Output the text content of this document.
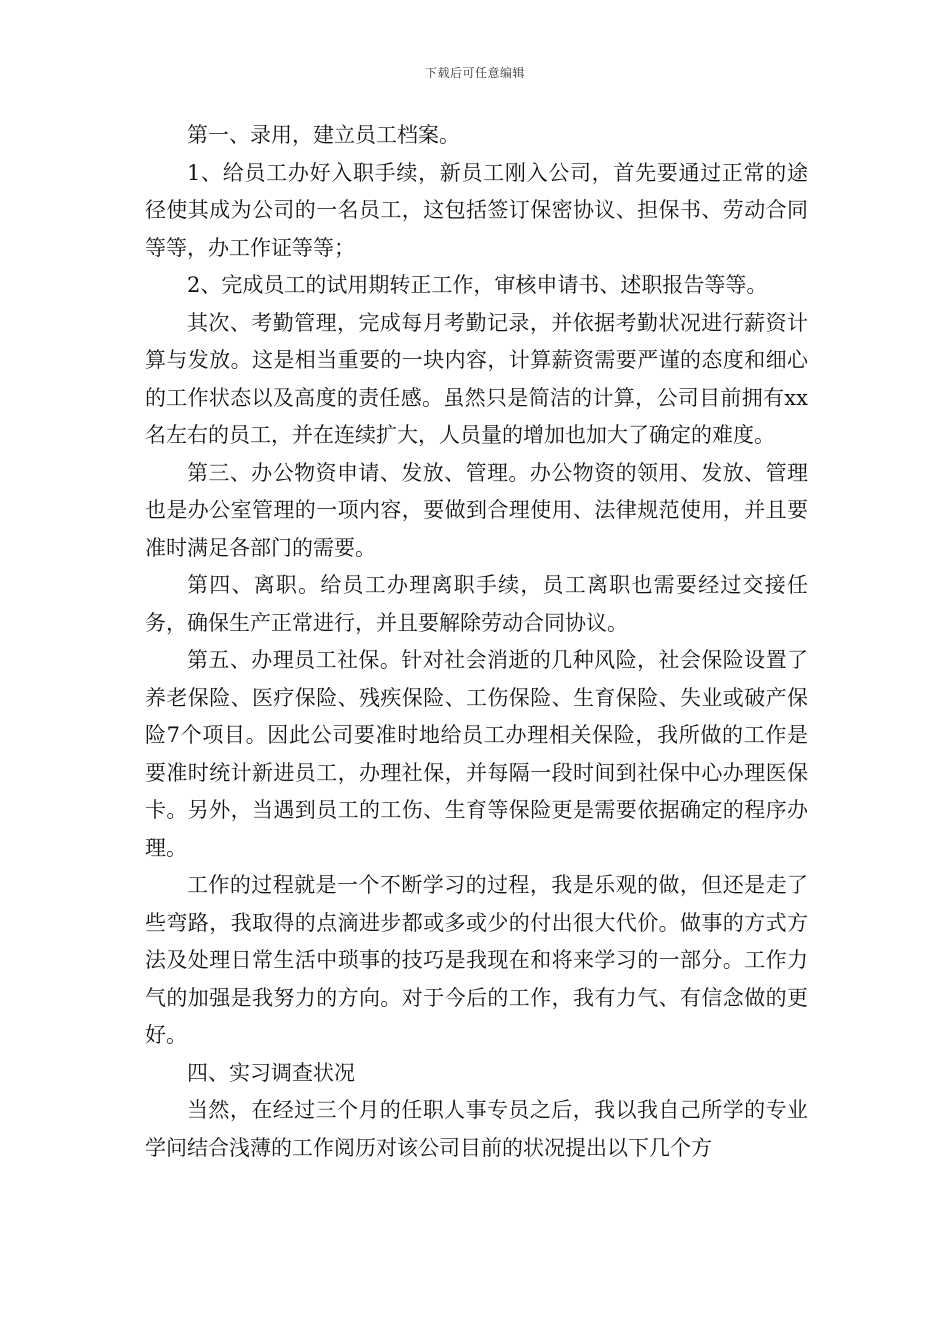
下载后可任意编辑

第一、录用，建立员工档案。

1、给员工办好入职手续，新员工刚入公司，首先要通过正常的途径使其成为公司的一名员工，这包括签订保密协议、担保书、劳动合同等等，办工作证等等；

2、完成员工的试用期转正工作，审核申请书、述职报告等等。

其次、考勤管理，完成每月考勤记录，并依据考勤状况进行薪资计算与发放。这是相当重要的一块内容，计算薪资需要严谨的态度和细心的工作状态以及高度的责任感。虽然只是简洁的计算，公司目前拥有xx名左右的员工，并在连续扩大，人员量的增加也加大了确定的难度。

第三、办公物资申请、发放、管理。办公物资的领用、发放、管理也是办公室管理的一项内容，要做到合理使用、法律规范使用，并且要准时满足各部门的需要。

第四、离职。给员工办理离职手续，员工离职也需要经过交接任务，确保生产正常进行，并且要解除劳动合同协议。

第五、办理员工社保。针对社会消逝的几种风险，社会保险设置了养老保险、医疗保险、残疾保险、工伤保险、生育保险、失业或破产保险7个项目。因此公司要准时地给员工办理相关保险，我所做的工作是要准时统计新进员工，办理社保，并每隔一段时间到社保中心办理医保卡。另外，当遇到员工的工伤、生育等保险更是需要依据确定的程序办理。

工作的过程就是一个不断学习的过程，我是乐观的做，但还是走了些弯路，我取得的点滴进步都或多或少的付出很大代价。做事的方式方法及处理日常生活中琐事的技巧是我现在和将来学习的一部分。工作力气的加强是我努力的方向。对于今后的工作，我有力气、有信念做的更好。

四、实习调查状况

当然，在经过三个月的任职人事专员之后，我以我自己所学的专业学问结合浅薄的工作阅历对该公司目前的状况提出以下几个方
